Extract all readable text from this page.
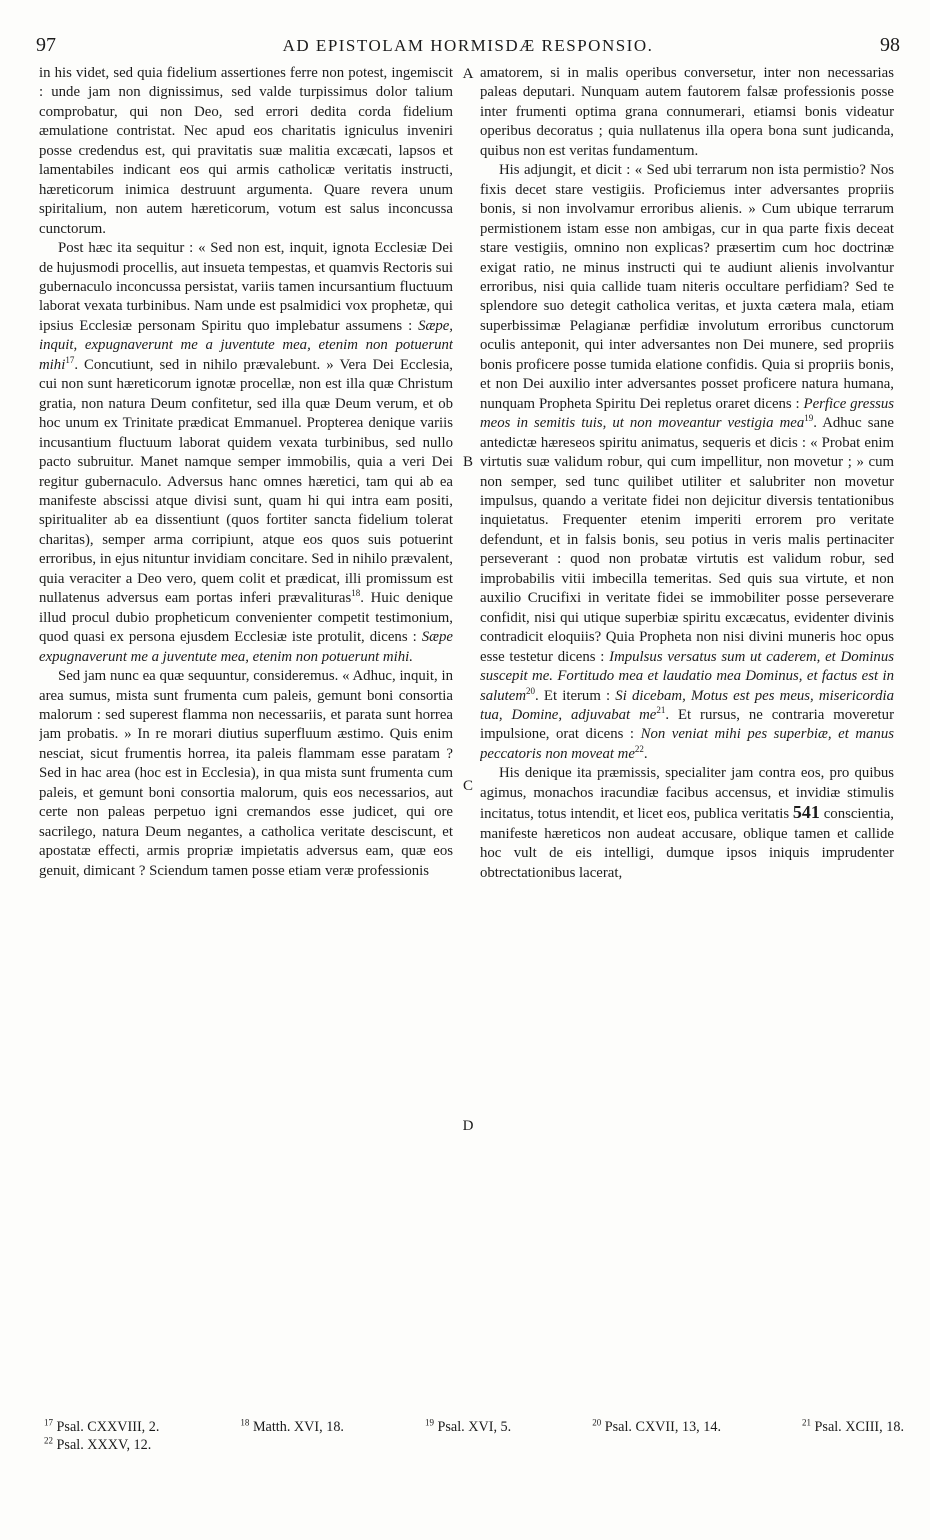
97	AD EPISTOLAM HORMISDÆ RESPONSIO.	98

in his videt, sed quia fidelium assertiones ferre non potest, ingemiscit : unde jam non dignissimus, sed valde turpissimus dolor talium comprobatur, qui non Deo, sed errori dedita corda fidelium æmulatione contristat. Nec apud eos charitatis igniculus inveniri posse credendus est, qui pravitatis suæ malitia excæcati, lapsos et lamentabiles indicant eos qui armis catholicæ veritatis instructi, hæreticorum inimica destruunt argumenta. Quare revera unum spiritalium, non autem hæreticorum, votum est salus inconcussa cunctorum.

Post hæc ita sequitur : « Sed non est, inquit, ignota Ecclesiæ Dei de hujusmodi procellis, aut insueta tempestas, et quamvis Rectoris sui gubernaculo inconcussa persistat, variis tamen incursantium fluctuum laborat vexata turbinibus. Nam unde est psalmidici vox prophetæ, qui ipsius Ecclesiæ personam Spiritu quo implebatur assumens : Sæpe, inquit, expugnaverunt me a juventute mea, etenim non potuerunt mihi$^{17}$. Concutiunt, sed in nihilo prævalebunt. » Vera Dei Ecclesia, cui non sunt hæreticorum ignotæ procellæ, non est illa quæ Christum gratia, non natura Deum confitetur, sed illa quæ Deum verum, et ob hoc unum ex Trinitate prædicat Emmanuel. Propterea denique variis incusantium fluctuum laborat quidem vexata turbinibus, sed nullo pacto subruitur. Manet namque semper immobilis, quia a veri Dei regitur gubernaculo. Adversus hanc omnes hæretici, tam qui ab ea manifeste abscissi atque divisi sunt, quam hi qui intra eam positi, spiritualiter ab ea dissentiunt (quos fortiter sancta fidelium tolerat charitas), semper arma corripiunt, atque eos quos suis potuerint erroribus, in ejus nituntur invidiam concitare. Sed in nihilo prævalent, quia veraciter a Deo vero, quem colit et prædicat, illi promissum est nullatenus adversus eam portas inferi prævalituras$^{18}$. Huic denique illud procul dubio propheticum convenienter competit testimonium, quod quasi ex persona ejusdem Ecclesiæ iste protulit, dicens : Sæpe expugnaverunt me a juventute mea, etenim non potuerunt mihi.

Sed jam nunc ea quæ sequuntur, consideremus. « Adhuc, inquit, in area sumus, mista sunt frumenta cum paleis, gemunt boni consortia malorum : sed superest flamma non necessariis, et parata sunt horrea jam probatis. » In re morari diutius superfluum æstimo. Quis enim nesciat, sicut frumentis horrea, ita paleis flammam esse paratam ? Sed in hac area (hoc est in Ecclesia), in qua mista sunt frumenta cum paleis, et gemunt boni consortia malorum, quis eos necessarios, aut certe non paleas perpetuo igni cremandos esse judicet, qui ore sacrilego, natura Deum negantes, a catholica veritate desciscunt, et apostatæ effecti, armis propriæ impietatis adversus eam, quæ eos genuit, dimicant ? Sciendum tamen posse etiam veræ professionis

A
B
C
D

amatorem, si in malis operibus conversetur, inter non necessarias paleas deputari. Nunquam autem fautorem falsæ professionis posse inter frumenti optima grana connumerari, etiamsi bonis videatur operibus decoratus ; quia nullatenus illa opera bona sunt judicanda, quibus non est veritas fundamentum.

His adjungit, et dicit : « Sed ubi terrarum non ista permistio? Nos fixis decet stare vestigiis. Proficiemus inter adversantes propriis bonis, si non involvamur erroribus alienis. » Cum ubique terrarum permistionem istam esse non ambigas, cur in qua parte fixis deceat stare vestigiis, omnino non explicas? præsertim cum hoc doctrinæ exigat ratio, ne minus instructi qui te audiunt alienis involvantur erroribus, nisi quia callide tuam niteris occultare perfidiam? Sed te splendore suo detegit catholica veritas, et juxta cætera mala, etiam superbissimæ Pelagianæ perfidiæ involutum erroribus cunctorum oculis anteponit, qui inter adversantes non Dei munere, sed propriis bonis proficere posse tumida elatione confidis. Quia si propriis bonis, et non Dei auxilio inter adversantes posset proficere natura humana, nunquam Propheta Spiritu Dei repletus oraret dicens : Perfice gressus meos in semitis tuis, ut non moveantur vestigia mea$^{19}$. Adhuc sane antedictæ hæreseos spiritu animatus, sequeris et dicis : « Probat enim virtutis suæ validum robur, qui cum impellitur, non movetur ; » cum non semper, sed tunc quilibet utiliter et salubriter non movetur impulsus, quando a veritate fidei non dejicitur diversis tentationibus inquietatus. Frequenter etenim imperiti errorem pro veritate defendunt, et in falsis bonis, seu potius in veris malis pertinaciter perseverant : quod non probatæ virtutis est validum robur, sed improbabilis vitii imbecilla temeritas. Sed quis sua virtute, et non auxilio Crucifixi in veritate fidei se immobiliter posse perseverare confidit, nisi qui utique superbiæ spiritu excæcatus, evidenter divinis contradicit eloquiis? Quia Propheta non nisi divini muneris hoc opus esse testetur dicens : Impulsus versatus sum ut caderem, et Dominus suscepit me. Fortitudo mea et laudatio mea Dominus, et factus est in salutem$^{20}$. Et iterum : Si dicebam, Motus est pes meus, misericordia tua, Domine, adjuvabat $me^{21}$. Et rursus, ne contraria moveretur impulsione, orat dicens : Non veniat mihi pes superbiæ, et manus peccatoris non moveat $me^{22}$.

His denique ita præmissis, specialiter jam contra eos, pro quibus agimus, monachos iracundiæ facibus accensus, et invidiæ stimulis incitatus, totus intendit, et licet eos, publica veritatis 541 conscientia, manifeste hæreticos non audeat accusare, oblique tamen et callide hoc vult de eis intelligi, dumque ipsos iniquis imprudenter obtrectationibus lacerat,

$^{17}$ Psal. CXXVIII, 2.	$^{18}$ Matth. XVI, 18.	$^{19}$ Psal. XVI, 5.	$^{20}$ Psal. CXVII, 13, 14.	$^{21}$ Psal. XCIII, 18.
$^{22}$ Psal. XXXV, 12.
